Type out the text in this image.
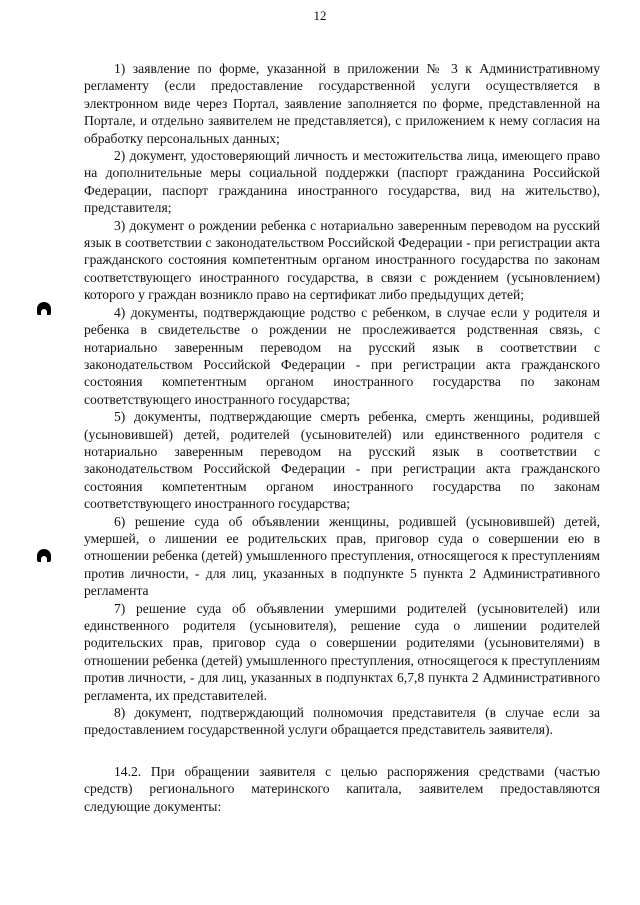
12

1) заявление по форме, указанной в приложении № 3 к Административному регламенту (если предоставление государственной услуги осуществляется в электронном виде через Портал, заявление заполняется по форме, представленной на Портале, и отдельно заявителем не представляется), с приложением к нему согласия на обработку персональных данных;

2) документ, удостоверяющий личность и местожительства лица, имеющего право на дополнительные меры социальной поддержки (паспорт гражданина Российской Федерации, паспорт гражданина иностранного государства, вид на жительство), представителя;

3) документ о рождении ребенка с нотариально заверенным переводом на русский язык в соответствии с законодательством Российской Федерации - при регистрации акта гражданского состояния компетентным органом иностранного государства по законам соответствующего иностранного государства, в связи с рождением (усыновлением) которого у граждан возникло право на сертификат либо предыдущих детей;

4) документы, подтверждающие родство с ребенком, в случае если у родителя и ребенка в свидетельстве о рождении не прослеживается родственная связь, с нотариально заверенным переводом на русский язык в соответствии с законодательством Российской Федерации - при регистрации акта гражданского состояния компетентным органом иностранного государства по законам соответствующего иностранного государства;

5) документы, подтверждающие смерть ребенка, смерть женщины, родившей (усыновившей) детей, родителей (усыновителей) или единственного родителя с нотариально заверенным переводом на русский язык в соответствии с законодательством Российской Федерации - при регистрации акта гражданского состояния компетентным органом иностранного государства по законам соответствующего иностранного государства;

6) решение суда об объявлении женщины, родившей (усыновившей) детей, умершей, о лишении ее родительских прав, приговор суда о совершении ею в отношении ребенка (детей) умышленного преступления, относящегося к преступлениям против личности, - для лиц, указанных в подпункте 5 пункта 2 Административного регламента

7) решение суда об объявлении умершими родителей (усыновителей) или единственного родителя (усыновителя), решение суда о лишении родителей родительских прав, приговор суда о совершении родителями (усыновителями) в отношении ребенка (детей) умышленного преступления, относящегося к преступлениям против личности, - для лиц, указанных в подпунктах 6,7,8 пункта 2 Административного регламента, их представителей.

8) документ, подтверждающий полномочия представителя (в случае если за предоставлением государственной услуги обращается представитель заявителя).

14.2. При обращении заявителя с целью распоряжения средствами (частью средств) регионального материнского капитала, заявителем предоставляются следующие документы:
